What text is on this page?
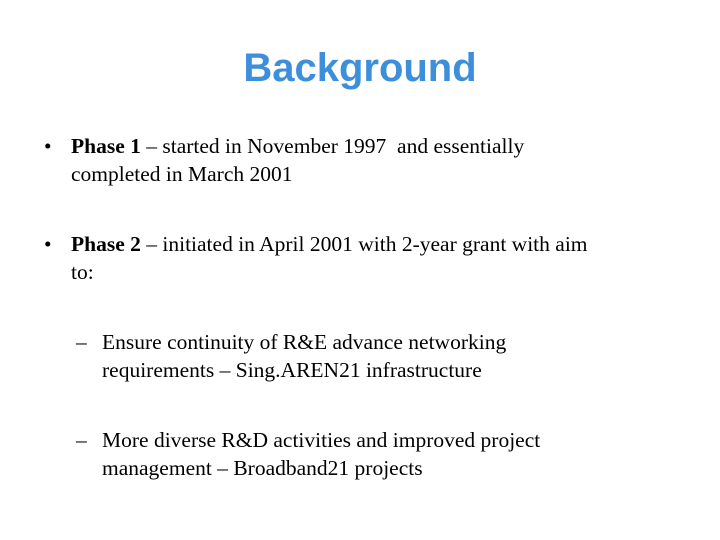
Background
• Phase 1 – started in November 1997  and essentially
completed in March 2001
• Phase 2 – initiated in April 2001 with 2-year grant with aim
to:
– Ensure continuity of R&E advance networking
requirements – Sing.AREN21 infrastructure
– More diverse R&D activities and improved project
management – Broadband21 projects
